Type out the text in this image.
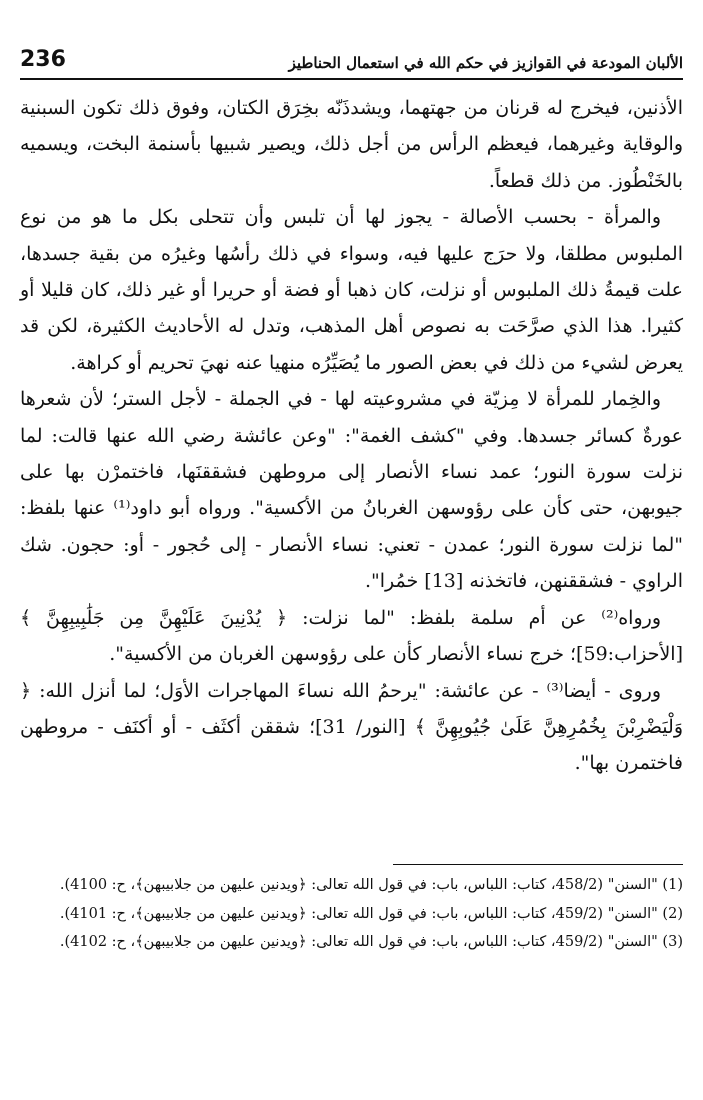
الألبان المودعة في القوازيز في حكم الله في استعمال الحناطيز
236

الأذنين، فيخرج له قرنان من جهتهما، ويشدذَنّه بخِرَق الكتان، وفوق ذلك تكون السبنية والوقاية وغيرهما، فيعظم الرأس من أجل ذلك، ويصير شبيها بأسنمة البخت، ويسميه بالخَنْطُوز. من ذلك قطعاً.

والمرأة - بحسب الأصالة - يجوز لها أن تلبس وأن تتحلى بكل ما هو من نوع الملبوس مطلقا، ولا حرَج عليها فيه، وسواء في ذلك رأسُها وغيرُه من بقية جسدها، علت قيمةُ ذلك الملبوس أو نزلت، كان ذهبا أو فضة أو حريرا أو غير ذلك، كان قليلا أو كثيرا. هذا الذي صرَّحَت به نصوص أهل المذهب، وتدل له الأحاديث الكثيرة، لكن قد يعرض لشيء من ذلك في بعض الصور ما يُصَيِّرُه منهيا عنه نهيَ تحريم أو كراهة.

والخِمار للمرأة لا مِزيّة في مشروعيته لها - في الجملة - لأجل الستر؛ لأن شعرها عورةٌ كسائر جسدها. وفي "كشف الغمة": "وعن عائشة رضي الله عنها قالت: لما نزلت سورة النور؛ عمد نساء الأنصار إلى مروطهن فشققنَها، فاختمرْن بها على جيوبهن، حتى كأن على رؤوسهن الغربانُ من الأكسية". ورواه أبو داود⁽¹⁾ عنها بلفظ: "لما نزلت سورة النور؛ عمدن - تعني: نساء الأنصار - إلى حُجور - أو: حجون. شك الراوي - فشققنهن، فاتخذنه [13] خمُرا".

ورواه⁽²⁾ عن أم سلمة بلفظ: "لما نزلت: ﴿ يُدْنِينَ عَلَيْهِنَّ مِن جَلَٰبِيبِهِنَّ ﴾ [الأحزاب:59]؛ خرج نساء الأنصار كأن على رؤوسهن الغربان من الأكسية".

وروى - أيضا⁽³⁾ - عن عائشة: "يرحمُ الله نساءَ المهاجرات الأوَل؛ لما أنزل الله: ﴿ وَلْيَضْرِبْنَ بِخُمُرِهِنَّ عَلَىٰ جُيُوبِهِنَّ ﴾ [النور/ 31]؛ شققن أكثَف - أو أكنَف - مروطهن فاختمرن بها".

(1) "السنن" (458/2، كتاب: اللباس، باب: في قول الله تعالى: ﴿ويدنين عليهن من جلابيبهن﴾، ح: 4100).

(2) "السنن" (459/2، كتاب: اللباس، باب: في قول الله تعالى: ﴿ويدنين عليهن من جلابيبهن﴾، ح: 4101).

(3) "السنن" (459/2، كتاب: اللباس، باب: في قول الله تعالى: ﴿ويدنين عليهن من جلابيبهن﴾، ح: 4102).
